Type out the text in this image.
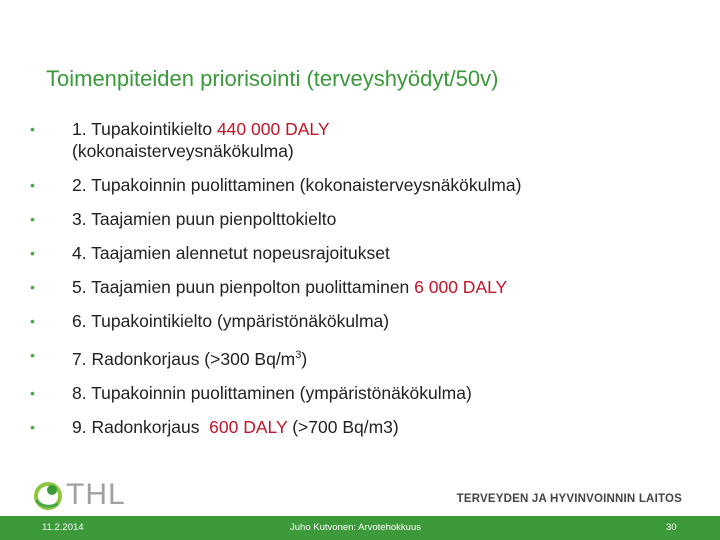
Toimenpiteiden priorisointi (terveyshyödyt/50v)
• 1. Tupakointikielto 440 000 DALY
(kokonaisterveysnäkökulma)
• 2. Tupakoinnin puolittaminen (kokonaisterveysnäkökulma)
• 3. Taajamien puun pienpolttokielto
• 4. Taajamien alennetut nopeusrajoitukset
• 5. Taajamien puun pienpolton puolittaminen 6 000 DALY
• 6. Tupakointikielto (ympäristönäkökulma)
• 7. Radonkorjaus (>300 $Bq/m^3$)
• 8. Tupakoinnin puolittaminen (ympäristönäkökulma)
• 9. Radonkorjaus  600 DALY (>700 Bq/m3)
THL	TERVEYDEN JA HYVINVOINNIN LAITOS
11.2.2014	Juho Kutvonen: Arvotehokkuus	30
